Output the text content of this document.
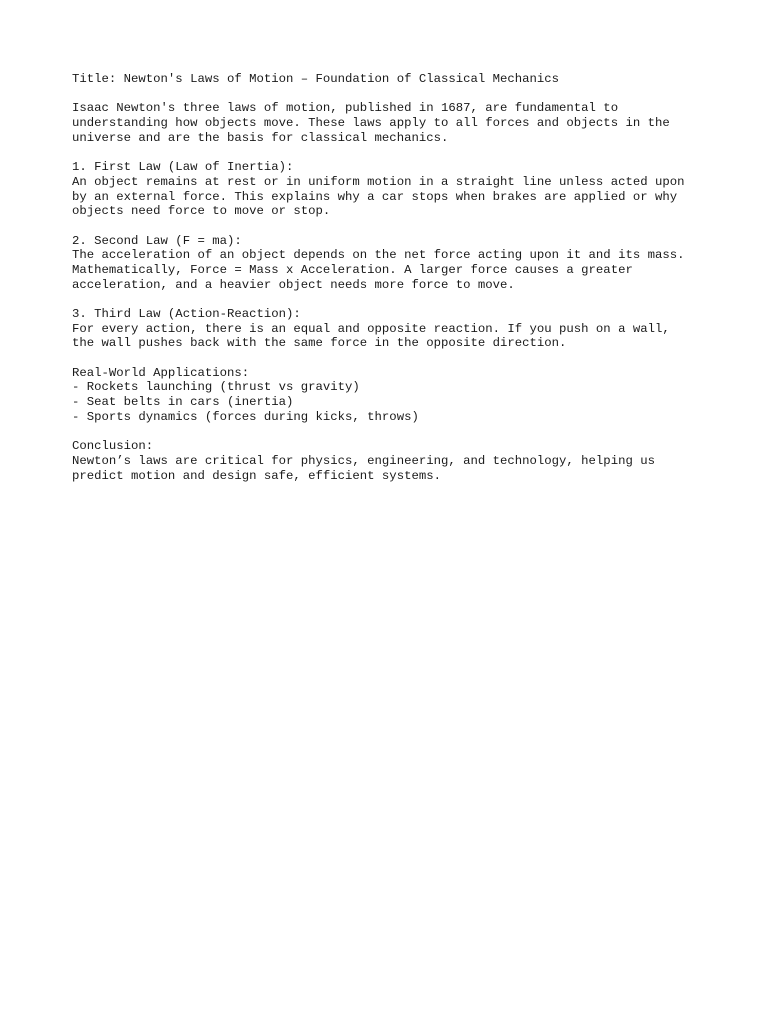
Title: Newton's Laws of Motion – Foundation of Classical Mechanics

Isaac Newton's three laws of motion, published in 1687, are fundamental to

understanding how objects move. These laws apply to all forces and objects in the

universe and are the basis for classical mechanics.

1. First Law (Law of Inertia):

An object remains at rest or in uniform motion in a straight line unless acted upon

by an external force. This explains why a car stops when brakes are applied or why

objects need force to move or stop.

2. Second Law (F = ma):

The acceleration of an object depends on the net force acting upon it and its mass.

Mathematically, Force = Mass x Acceleration. A larger force causes a greater

acceleration, and a heavier object needs more force to move.

3. Third Law (Action-Reaction):

For every action, there is an equal and opposite reaction. If you push on a wall,

the wall pushes back with the same force in the opposite direction.

Real-World Applications:

- Rockets launching (thrust vs gravity)

- Seat belts in cars (inertia)

- Sports dynamics (forces during kicks, throws)

Conclusion:

Newton’s laws are critical for physics, engineering, and technology, helping us

predict motion and design safe, efficient systems.
